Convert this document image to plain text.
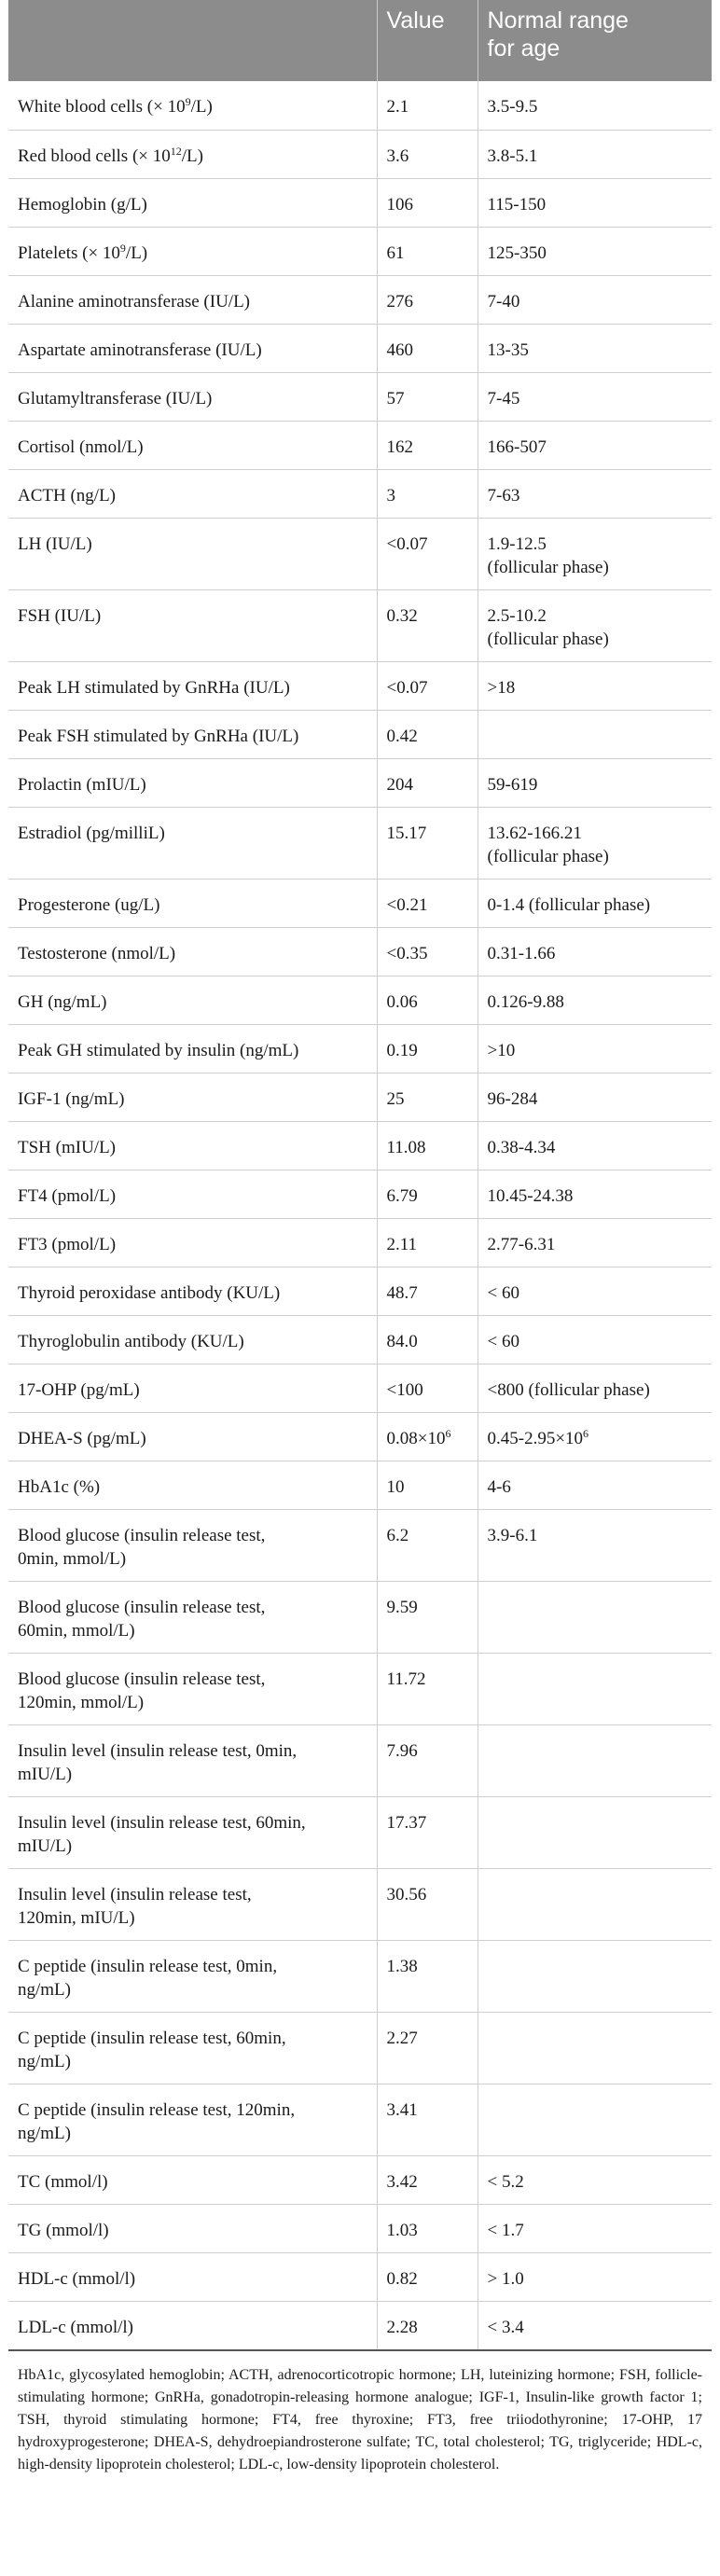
	Value	Normal range
for age
White blood cells (× $10^9/L$)	2.1	3.5-9.5
Red blood cells (× $10^{12}/L$)	3.6	3.8-5.1
Hemoglobin (g/L)	106	115-150
Platelets (× $10^9/L$)	61	125-350
Alanine aminotransferase (IU/L)	276	7-40
Aspartate aminotransferase (IU/L)	460	13-35
Glutamyltransferase (IU/L)	57	7-45
Cortisol (nmol/L)	162	166-507
ACTH (ng/L)	3	7-63
LH (IU/L)	<0.07	1.9-12.5
(follicular phase)
FSH (IU/L)	0.32	2.5-10.2
(follicular phase)
Peak LH stimulated by GnRHa (IU/L)	<0.07	>18
Peak FSH stimulated by GnRHa (IU/L)	0.42	
Prolactin (mIU/L)	204	59-619
Estradiol (pg/milliL)	15.17	13.62-166.21
(follicular phase)
Progesterone (ug/L)	<0.21	0-1.4 (follicular phase)
Testosterone (nmol/L)	<0.35	0.31-1.66
GH (ng/mL)	0.06	0.126-9.88
Peak GH stimulated by insulin (ng/mL)	0.19	>10
IGF-1 (ng/mL)	25	96-284
TSH (mIU/L)	11.08	0.38-4.34
FT4 (pmol/L)	6.79	10.45-24.38
FT3 (pmol/L)	2.11	2.77-6.31
Thyroid peroxidase antibody (KU/L)	48.7	< 60
Thyroglobulin antibody (KU/L)	84.0	< 60
17-OHP (pg/mL)	<100	<800 (follicular phase)
DHEA-S (pg/mL)	$0.08\times 10^6$	$0.45-2.95\times 10^6$
HbA1c (%)	10	4-6
Blood glucose (insulin release test,
0min, mmol/L)	6.2	3.9-6.1
Blood glucose (insulin release test,
60min, mmol/L)	9.59	
Blood glucose (insulin release test,
120min, mmol/L)	11.72	
Insulin level (insulin release test, 0min,
mIU/L)	7.96	
Insulin level (insulin release test, 60min,
mIU/L)	17.37	
Insulin level (insulin release test,
120min, mIU/L)	30.56	
C peptide (insulin release test, 0min,
ng/mL)	1.38	
C peptide (insulin release test, 60min,
ng/mL)	2.27	
C peptide (insulin release test, 120min,
ng/mL)	3.41	
TC (mmol/l)	3.42	< 5.2
TG (mmol/l)	1.03	< 1.7
HDL-c (mmol/l)	0.82	> 1.0
LDL-c (mmol/l)	2.28	< 3.4
HbA1c, glycosylated hemoglobin; ACTH, adrenocorticotropic hormone; LH, luteinizing hormone; FSH, follicle-stimulating hormone; GnRHa, gonadotropin-releasing hormone analogue; IGF-1, Insulin-like growth factor 1; TSH, thyroid stimulating hormone; FT4, free thyroxine; FT3, free triiodothyronine; 17-OHP, 17 hydroxyprogesterone; DHEA-S, dehydroepiandrosterone sulfate; TC, total cholesterol; TG, triglyceride; HDL-c, high-density lipoprotein cholesterol; LDL-c, low-density lipoprotein cholesterol.
